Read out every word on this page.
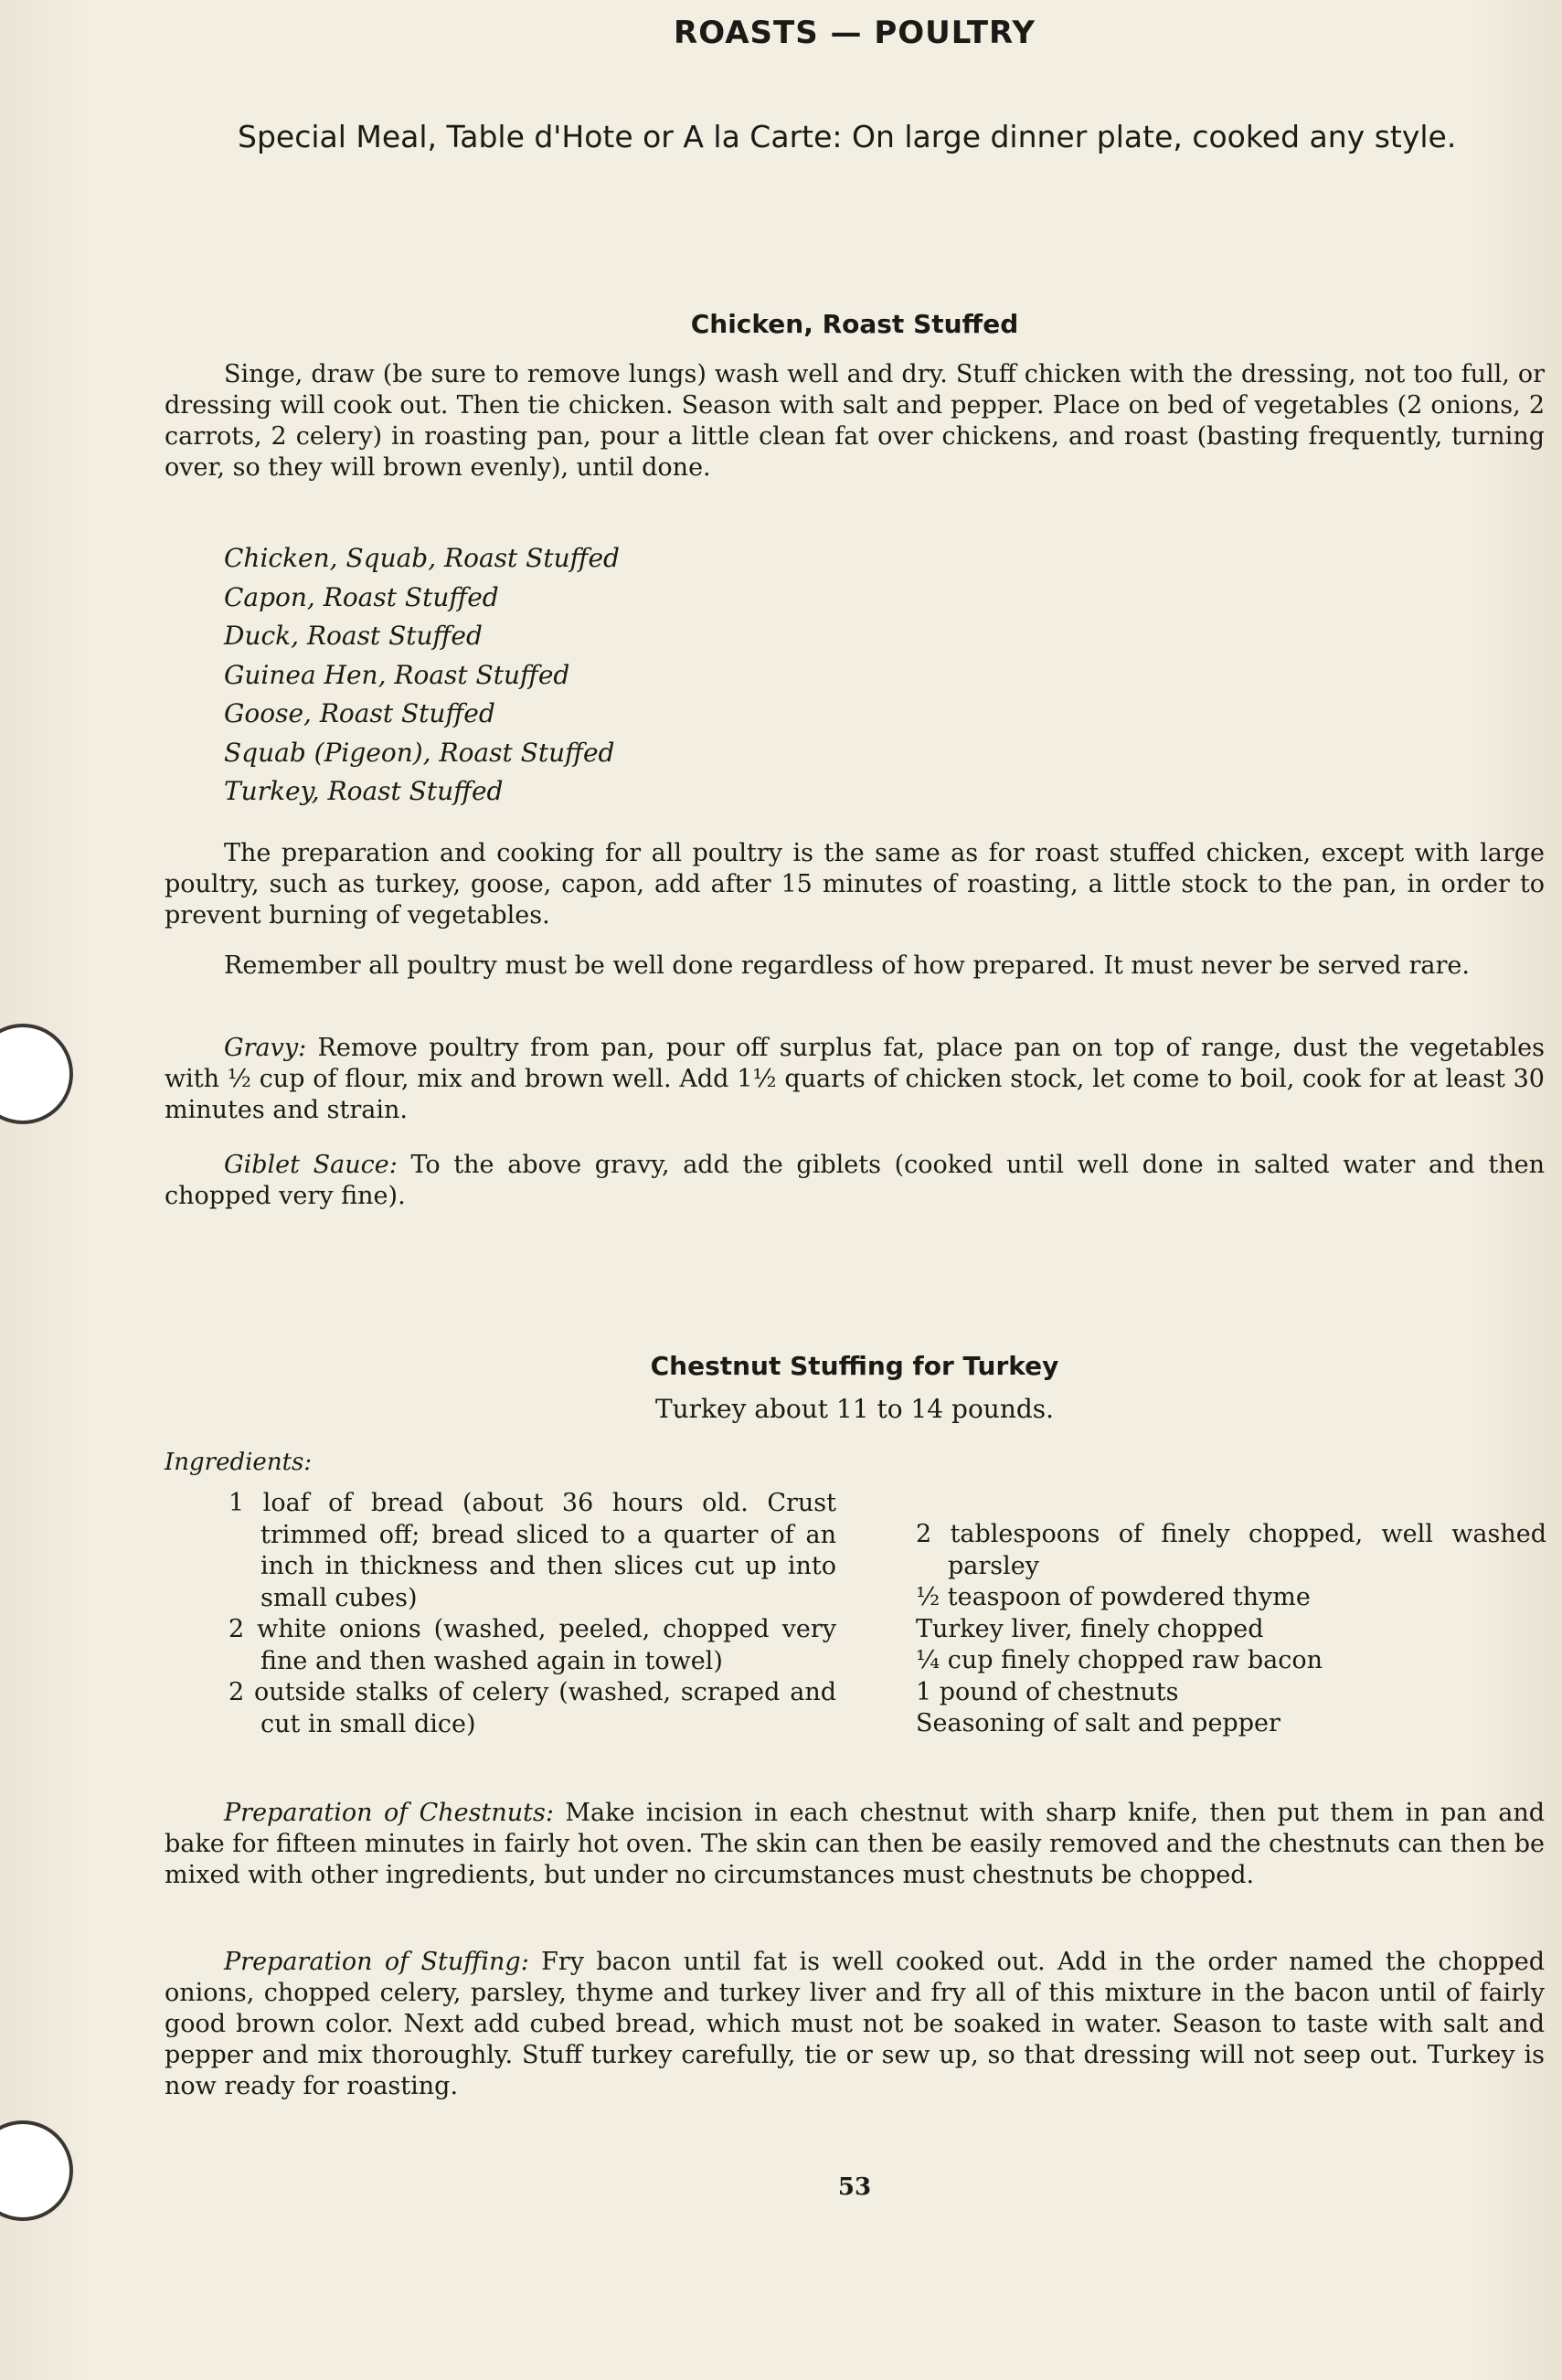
ROASTS — POULTRY
Special Meal, Table d'Hote or A la Carte: On large dinner plate, cooked any style.
Chicken, Roast Stuffed

Singe, draw (be sure to remove lungs) wash well and dry. Stuff chicken with the dressing, not too full, or dressing will cook out. Then tie chicken. Season with salt and pepper. Place on bed of vegetables (2 onions, 2 carrots, 2 celery) in roasting pan, pour a little clean fat over chickens, and roast (basting frequently, turning over, so they will brown evenly), until done.

Chicken, Squab, Roast Stuffed
Capon, Roast Stuffed
Duck, Roast Stuffed
Guinea Hen, Roast Stuffed
Goose, Roast Stuffed
Squab (Pigeon), Roast Stuffed
Turkey, Roast Stuffed

The preparation and cooking for all poultry is the same as for roast stuffed chicken, except with large poultry, such as turkey, goose, capon, add after 15 minutes of roasting, a little stock to the pan, in order to prevent burning of vegetables.

Remember all poultry must be well done regardless of how prepared. It must never be served rare.

Gravy: Remove poultry from pan, pour off surplus fat, place pan on top of range, dust the vegetables with ½ cup of flour, mix and brown well. Add 1½ quarts of chicken stock, let come to boil, cook for at least 30 minutes and strain.

Giblet Sauce: To the above gravy, add the giblets (cooked until well done in salted water and then chopped very fine).

Chestnut Stuffing for Turkey
Turkey about 11 to 14 pounds.
Ingredients:
1 loaf of bread (about 36 hours old. Crust trimmed off; bread sliced to a quarter of an inch in thickness and then slices cut up into small cubes)
2 white onions (washed, peeled, chopped very fine and then washed again in towel)
2 outside stalks of celery (washed, scraped and cut in small dice)
2 tablespoons of finely chopped, well washed parsley
½ teaspoon of powdered thyme
Turkey liver, finely chopped
¼ cup finely chopped raw bacon
1 pound of chestnuts
Seasoning of salt and pepper

Preparation of Chestnuts: Make incision in each chestnut with sharp knife, then put them in pan and bake for fifteen minutes in fairly hot oven. The skin can then be easily removed and the chestnuts can then be mixed with other ingredients, but under no circumstances must chestnuts be chopped.

Preparation of Stuffing: Fry bacon until fat is well cooked out. Add in the order named the chopped onions, chopped celery, parsley, thyme and turkey liver and fry all of this mixture in the bacon until of fairly good brown color. Next add cubed bread, which must not be soaked in water. Season to taste with salt and pepper and mix thoroughly. Stuff turkey carefully, tie or sew up, so that dressing will not seep out. Turkey is now ready for roasting.

53
